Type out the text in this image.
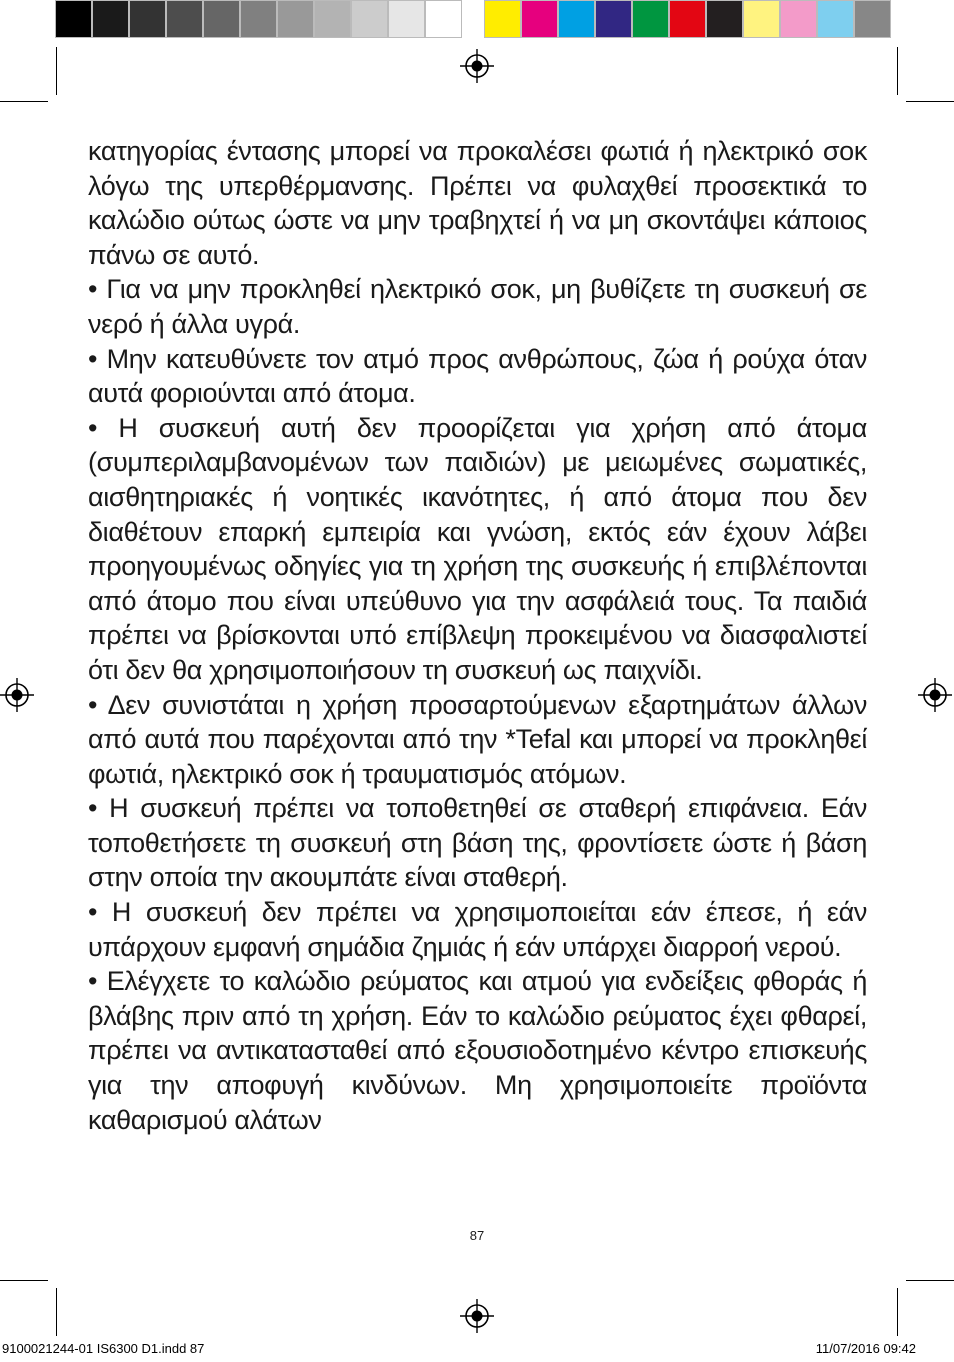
κατηγορίας έντασης μπορεί να προκαλέσει φωτιά ή ηλεκτρικό σοκ λόγω της υπερθέρμανσης. Πρέπει να φυλαχθεί προσεκτικά το καλώδιο ούτως ώστε να μην τραβηχτεί ή να μη σκοντάψει κάποιος πάνω σε αυτό.

• Για να μην προκληθεί ηλεκτρικό σοκ, μη βυθίζετε τη συσκευή σε νερό ή άλλα υγρά.

• Μην κατευθύνετε τον ατμό προς ανθρώπους, ζώα ή ρούχα όταν αυτά φοριούνται από άτομα.

• Η συσκευή αυτή δεν προορίζεται για χρήση από άτομα (συμπεριλαμβανομένων των παιδιών) με μειωμένες σωματικές, αισθητηριακές ή νοητικές ικανότητες, ή από άτομα που δεν διαθέτουν επαρκή εμπειρία και γνώση, εκτός εάν έχουν λάβει προηγουμένως οδηγίες για τη χρήση της συσκευής ή επιβλέπονται από άτομο που είναι υπεύθυνο για την ασφάλειά τους. Τα παιδιά πρέπει να βρίσκονται υπό επίβλεψη προκειμένου να διασφαλιστεί ότι δεν θα χρησιμοποιήσουν τη συσκευή ως παιχνίδι.

• Δεν συνιστάται η χρήση προσαρτούμενων εξαρτημάτων άλλων από αυτά που παρέχονται από την *Tefal και μπορεί να προκληθεί φωτιά, ηλεκτρικό σοκ ή τραυματισμός ατόμων.

• Η συσκευή πρέπει να τοποθετηθεί σε σταθερή επιφάνεια. Εάν τοποθετήσετε τη συσκευή στη βάση της, φροντίσετε ώστε ή βάση στην οποία την ακουμπάτε είναι σταθερή.

• Η συσκευή δεν πρέπει να χρησιμοποιείται εάν έπεσε, ή εάν υπάρχουν εμφανή σημάδια ζημιάς ή εάν υπάρχει διαρροή νερού.

• Ελέγχετε το καλώδιο ρεύματος και ατμού για ενδείξεις φθοράς ή βλάβης πριν από τη χρήση. Εάν το καλώδιο ρεύματος έχει φθαρεί, πρέπει να αντικατασταθεί από εξουσιοδοτημένο κέντρο επισκευής για την αποφυγή κινδύνων. Μη χρησιμοποιείτε προϊόντα καθαρισμού αλάτων

87
9100021244-01 IS6300 D1.indd 87	11/07/2016 09:42
